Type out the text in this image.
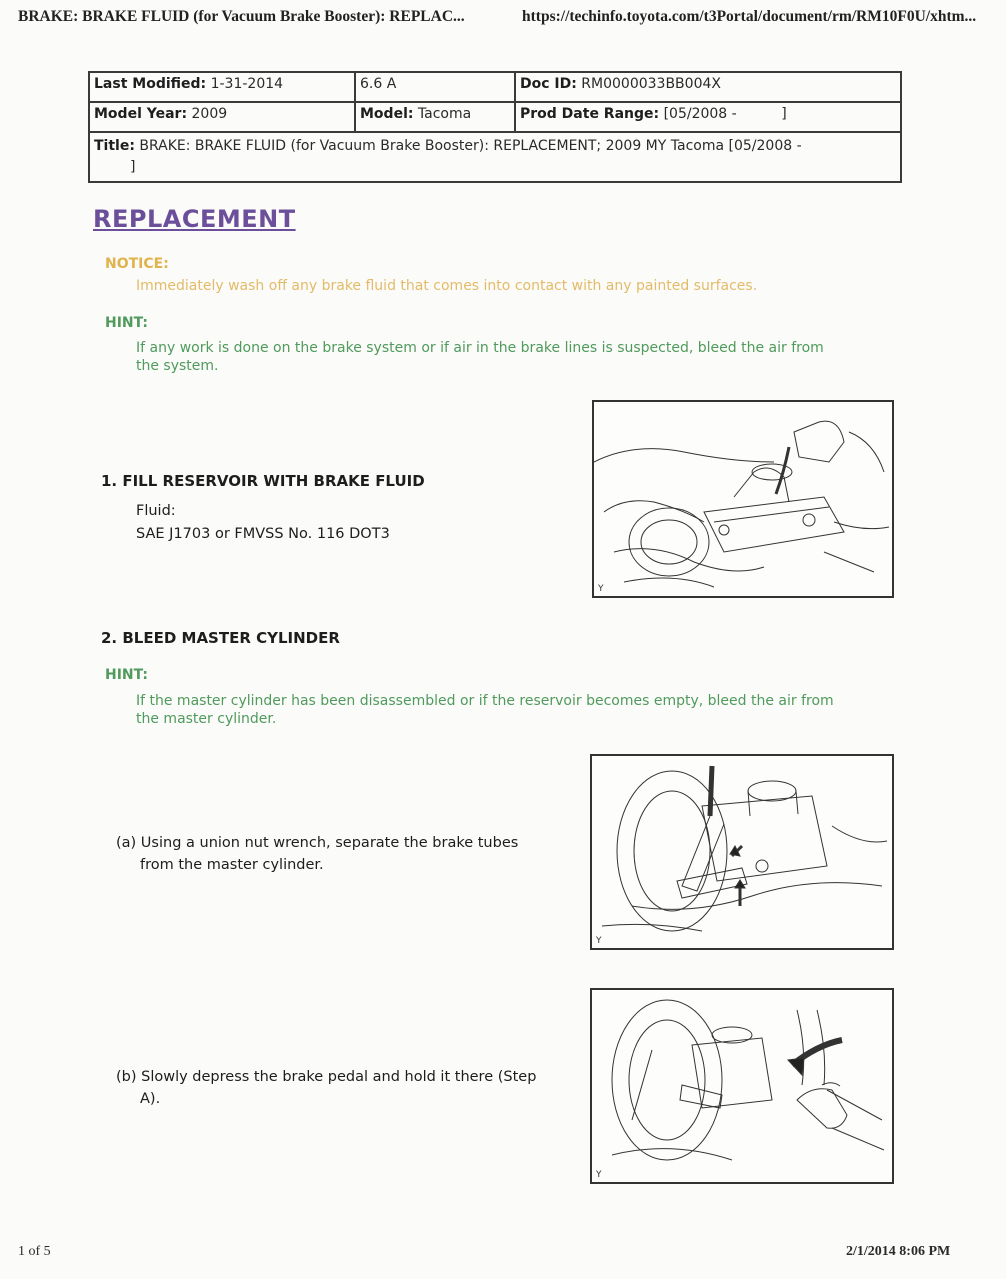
BRAKE: BRAKE FLUID (for Vacuum Brake Booster): REPLAC...	https://techinfo.toyota.com/t3Portal/document/rm/RM10F0U/xhtm...
Last Modified: 1-31-2014	6.6 A	Doc ID: RM0000033BB004X
Model Year: 2009	Model: Tacoma	Prod Date Range: [05/2008 -          ]

Title: BRAKE: BRAKE FLUID (for Vacuum Brake Booster): REPLACEMENT; 2009 MY Tacoma [05/2008 -
]		
REPLACEMENT
NOTICE:
Immediately wash off any brake fluid that comes into contact with any painted surfaces.
HINT:
If any work is done on the brake system or if air in the brake lines is suspected, bleed the air from
the system.
1. FILL RESERVOIR WITH BRAKE FLUID
Fluid:
SAE J1703 or FMVSS No. 116 DOT3
Y
2. BLEED MASTER CYLINDER
HINT:
If the master cylinder has been disassembled or if the reservoir becomes empty, bleed the air from
the master cylinder.
(a) Using a union nut wrench, separate the brake tubes
from the master cylinder.
Y
(b) Slowly depress the brake pedal and hold it there (Step
A).
Y
1 of 5	2/1/2014 8:06 PM
